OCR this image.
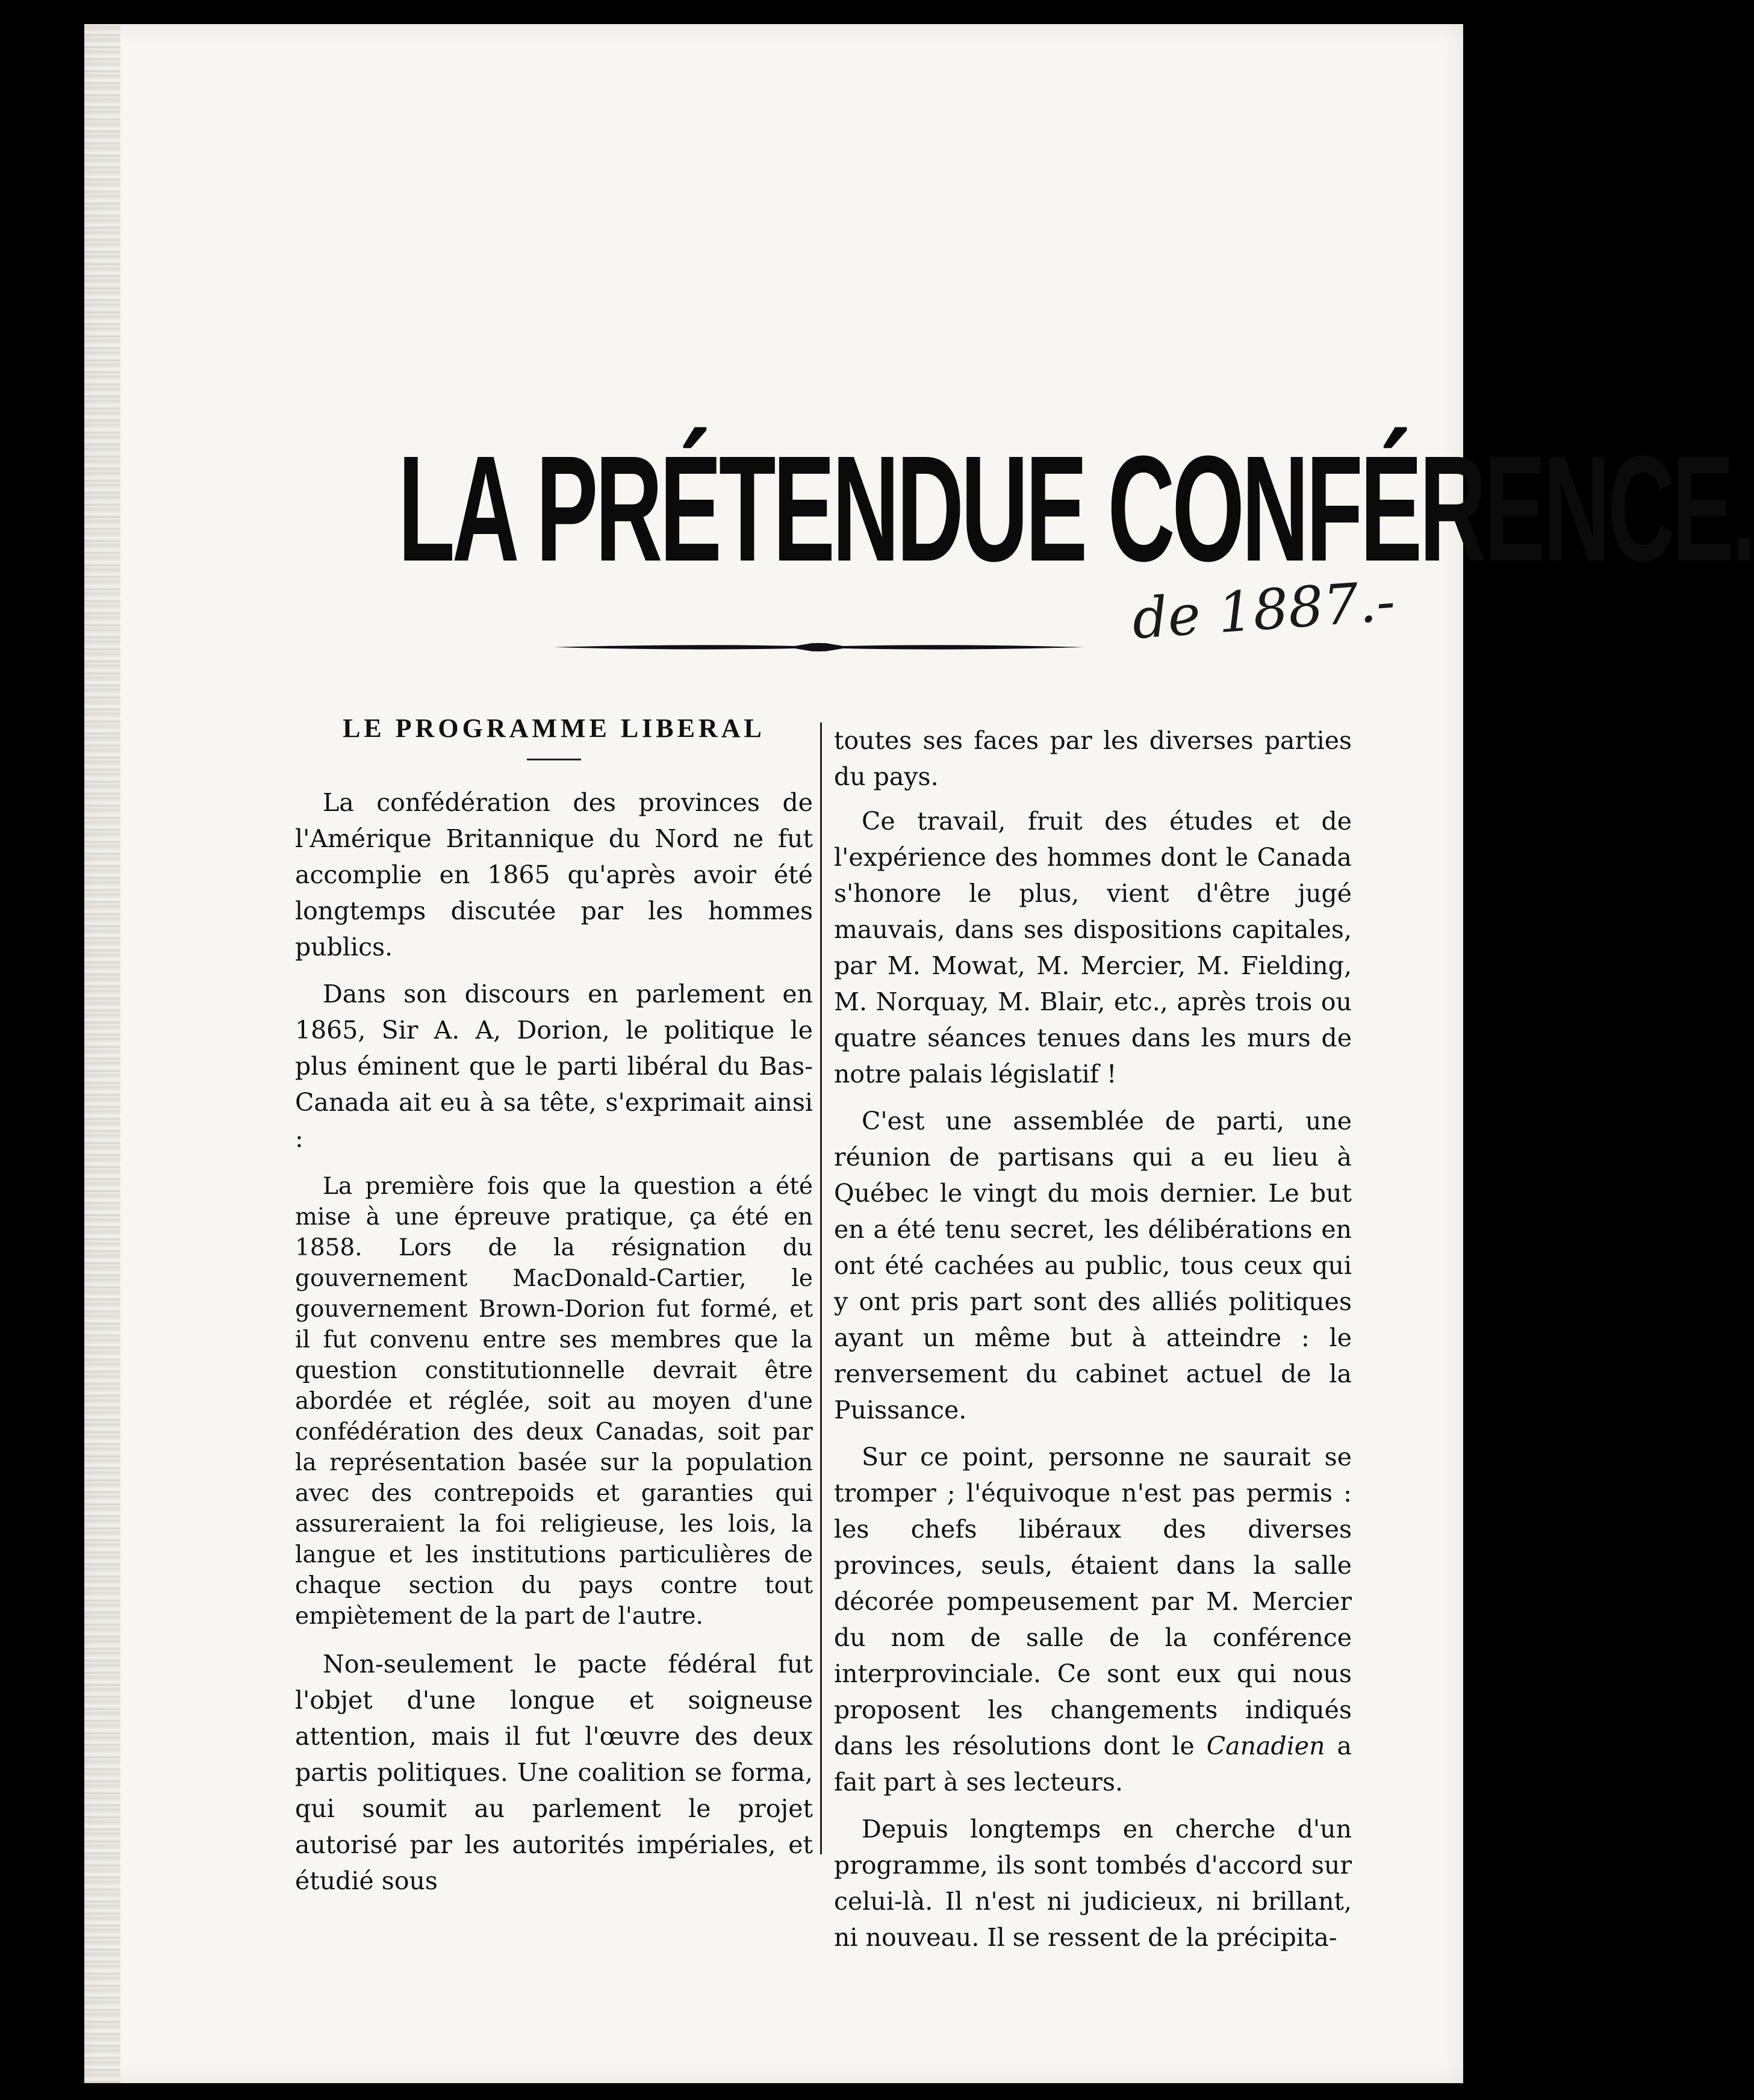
LA PRÉTENDUE CONFÉRENCE.
de 1887.-
LE PROGRAMME LIBERAL

La confédération des provinces de l'Amérique Britannique du Nord ne fut accomplie en 1865 qu'après avoir été longtemps discutée par les hommes publics.

Dans son discours en parlement en 1865, Sir A. A, Dorion, le politique le plus éminent que le parti libéral du Bas-Canada ait eu à sa tête, s'exprimait ainsi :

La première fois que la question a été mise à une épreuve pratique, ça été en 1858. Lors de la résignation du gouvernement MacDonald-Cartier, le gouvernement Brown-Dorion fut formé, et il fut convenu entre ses membres que la question constitutionnelle devrait être abordée et réglée, soit au moyen d'une confédération des deux Canadas, soit par la représentation basée sur la population avec des contrepoids et garanties qui assureraient la foi religieuse, les lois, la langue et les institutions particulières de chaque section du pays contre tout empiètement de la part de l'autre.

Non-seulement le pacte fédéral fut l'objet d'une longue et soigneuse attention, mais il fut l'œuvre des deux partis politiques. Une coalition se forma, qui soumit au parlement le projet autorisé par les autorités impériales, et étudié sous

toutes ses faces par les diverses parties du pays.

Ce travail, fruit des études et de l'expérience des hommes dont le Canada s'honore le plus, vient d'être jugé mauvais, dans ses dispositions capitales, par M. Mowat, M. Mercier, M. Fielding, M. Norquay, M. Blair, etc., après trois ou quatre séances tenues dans les murs de notre palais législatif !

C'est une assemblée de parti, une réunion de partisans qui a eu lieu à Québec le vingt du mois dernier. Le but en a été tenu secret, les délibérations en ont été cachées au public, tous ceux qui y ont pris part sont des alliés politiques ayant un même but à atteindre : le renversement du cabinet actuel de la Puissance.

Sur ce point, personne ne saurait se tromper ; l'équivoque n'est pas permis : les chefs libéraux des diverses provinces, seuls, étaient dans la salle décorée pompeusement par M. Mercier du nom de salle de la conférence interprovinciale. Ce sont eux qui nous proposent les changements indiqués dans les résolutions dont le Canadien a fait part à ses lecteurs.

Depuis longtemps en cherche d'un programme, ils sont tombés d'accord sur celui-là. Il n'est ni judicieux, ni brillant, ni nouveau. Il se ressent de la précipita-
